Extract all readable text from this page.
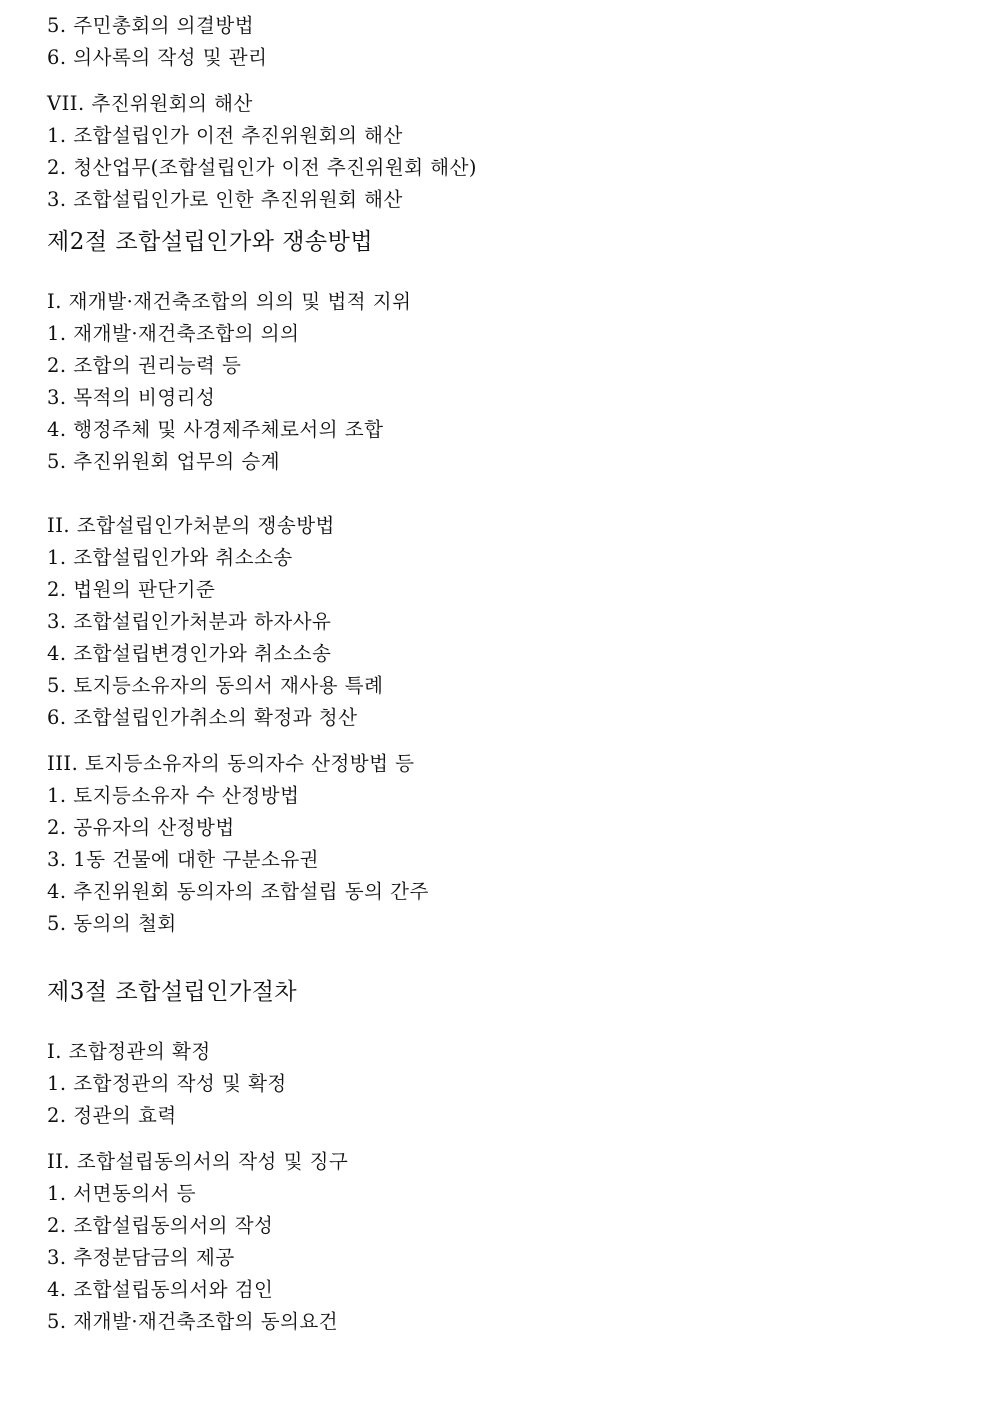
5. 주민총회의 의결방법
6. 의사록의 작성 및 관리
VII. 추진위원회의 해산
1. 조합설립인가 이전 추진위원회의 해산
2. 청산업무(조합설립인가 이전 추진위원회 해산)
3. 조합설립인가로 인한 추진위원회 해산
제2절 조합설립인가와 쟁송방법
I. 재개발·재건축조합의 의의 및 법적 지위
1. 재개발·재건축조합의 의의
2. 조합의 권리능력 등
3. 목적의 비영리성
4. 행정주체 및 사경제주체로서의 조합
5. 추진위원회 업무의 승계
II. 조합설립인가처분의 쟁송방법
1. 조합설립인가와 취소소송
2. 법원의 판단기준
3. 조합설립인가처분과 하자사유
4. 조합설립변경인가와 취소소송
5. 토지등소유자의 동의서 재사용 특례
6. 조합설립인가취소의 확정과 청산
III. 토지등소유자의 동의자수 산정방법 등
1. 토지등소유자 수 산정방법
2. 공유자의 산정방법
3. 1동 건물에 대한 구분소유권
4. 추진위원회 동의자의 조합설립 동의 간주
5. 동의의 철회
제3절 조합설립인가절차
I. 조합정관의 확정
1. 조합정관의 작성 및 확정
2. 정관의 효력
II. 조합설립동의서의 작성 및 징구
1. 서면동의서 등
2. 조합설립동의서의 작성
3. 추정분담금의 제공
4. 조합설립동의서와 검인
5. 재개발·재건축조합의 동의요건
